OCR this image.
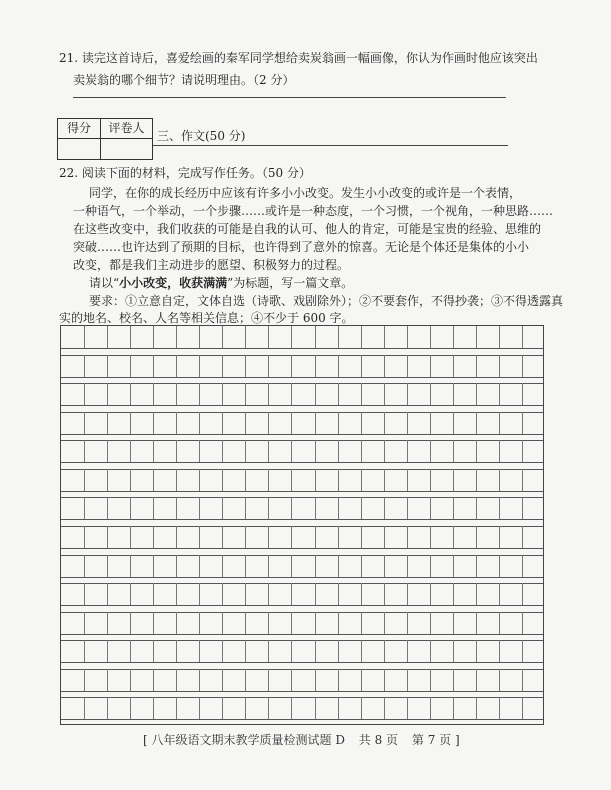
21. 读完这首诗后，喜爱绘画的秦军同学想给卖炭翁画一幅画像，你认为作画时他应该突出
卖炭翁的哪个细节？请说明理由。（2 分）
得分	评卷人
三、作文(50 分)
22. 阅读下面的材料，完成写作任务。（50 分）
同学，在你的成长经历中应该有许多小小改变。发生小小改变的或许是一个表情，
一种语气，一个举动，一个步骤……或许是一种态度，一个习惯，一个视角，一种思路……
在这些改变中，我们收获的可能是自我的认可、他人的肯定，可能是宝贵的经验、思维的
突破……也许达到了预期的目标，也许得到了意外的惊喜。无论是个体还是集体的小小
改变，都是我们主动进步的愿望、积极努力的过程。
请以“小小改变，收获满满”为标题，写一篇文章。
要求：①立意自定，文体自选（诗歌、戏剧除外）；②不要套作，不得抄袭；③不得透露真
实的地名、校名、人名等相关信息；④不少于 600 字。
[ 八年级语文期末教学质量检测试题 D 共 8 页 第 7 页 ]
